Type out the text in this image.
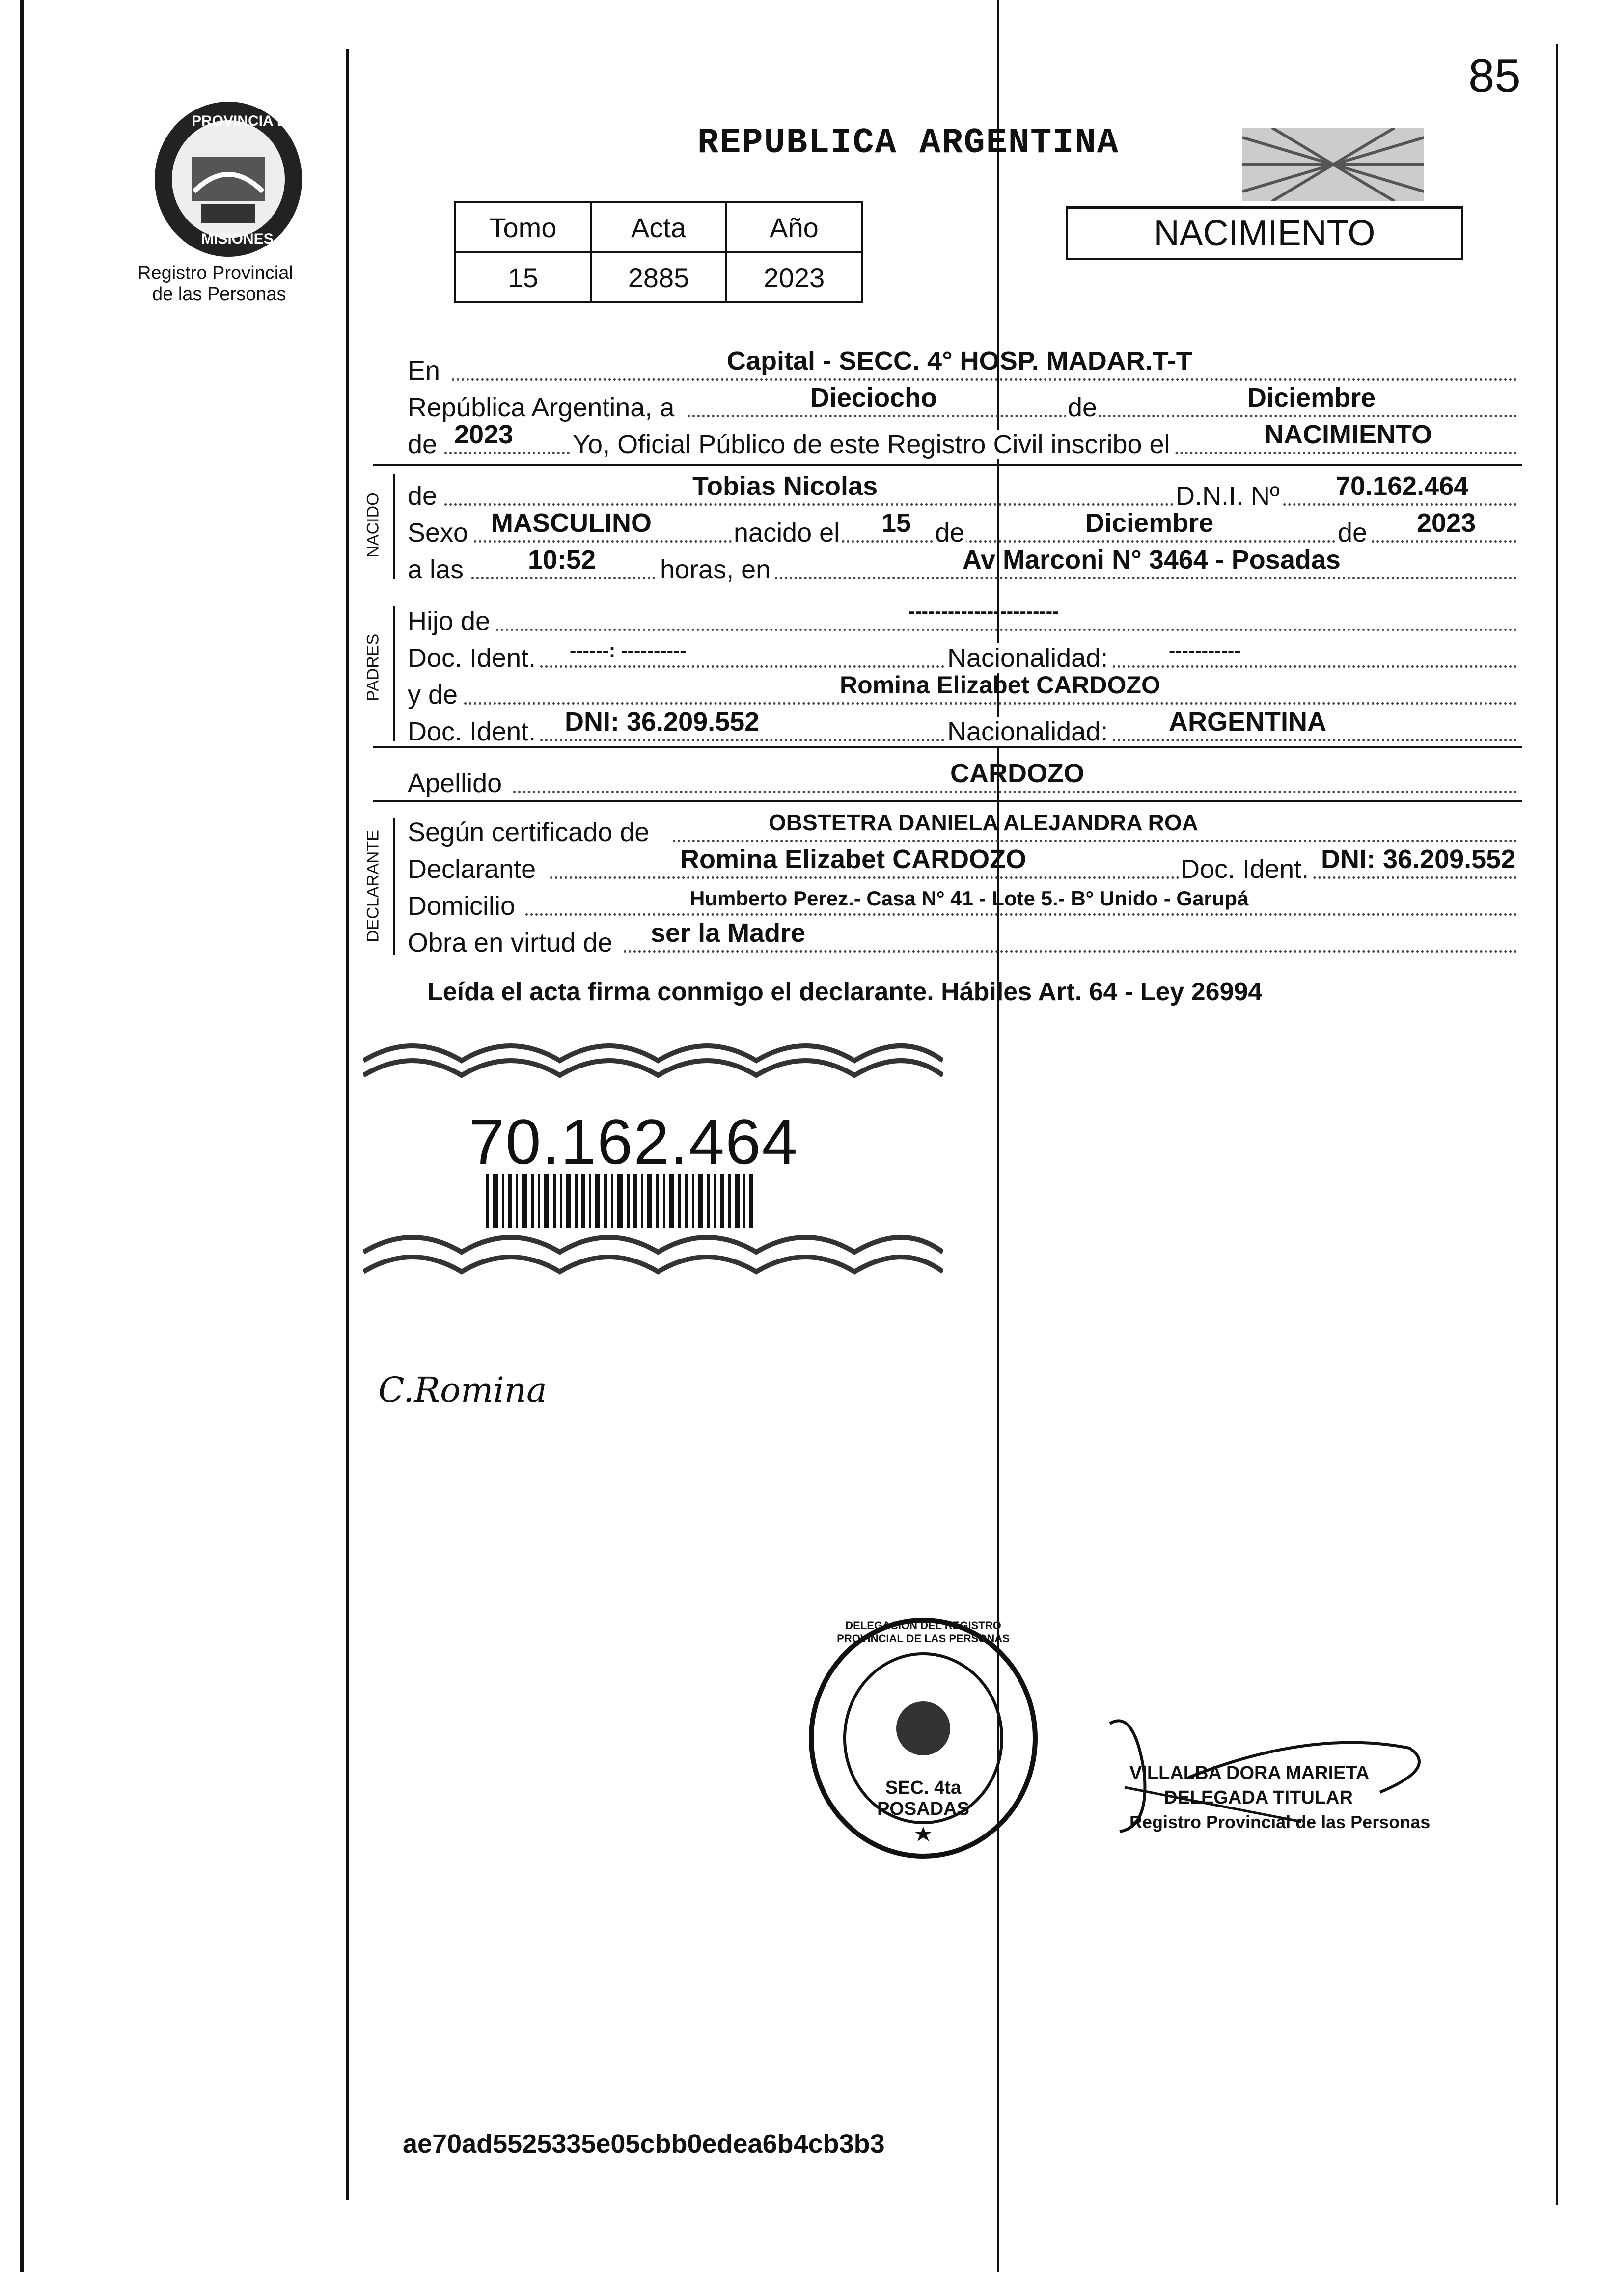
85
PROVINCIA DE
MISIONES
Registro Provincial
de las Personas
REPUBLICA ARGENTINA
Tomo	Acta	Año
15	2885	2023
NACIMIENTO
En	Capital - SECC. 4° HOSP. MADAR.T-T
República Argentina, a	Dieciocho	de	Diciembre
de 2023 Yo, Oficial Público de este Registro Civil inscribo el	NACIMIENTO
NACIDO de	Tobias Nicolas	D.N.I. Nº 70.162.464
Sexo MASCULINO	nacido el 15 de	Diciembre	de 2023
a las 10:52 horas, en	Av Marconi N° 3464 - Posadas
PADRES
-----------------------
Hijo de
Doc. Ident. ------: ----------	Nacionalidad:	-----------
y de	Romina Elizabet CARDOZO
Doc. Ident. DNI: 36.209.552	Nacionalidad: ARGENTINA
Apellido	CARDOZO
DECLARANTE Según certificado de	OBSTETRA DANIELA ALEJANDRA ROA
Declarante	Romina Elizabet CARDOZO	Doc. Ident. DNI: 36.209.552
Domicilio	Humberto Perez.- Casa N° 41 - Lote 5.- B° Unido - Garupá
Obra en virtud de ser la Madre
Leída el acta firma conmigo el declarante. Hábiles Art. 64 - Ley 26994
70.162.464
C.Romina
DELEGACION DEL REGISTRO PROVINCIAL DE LAS PERSONAS
SEC. 4ta POSADAS
VILLALBA DORA MARIETA
DELEGADA TITULAR
Registro Provincial de las Personas
ae70ad5525335e05cbb0edea6b4cb3b3
